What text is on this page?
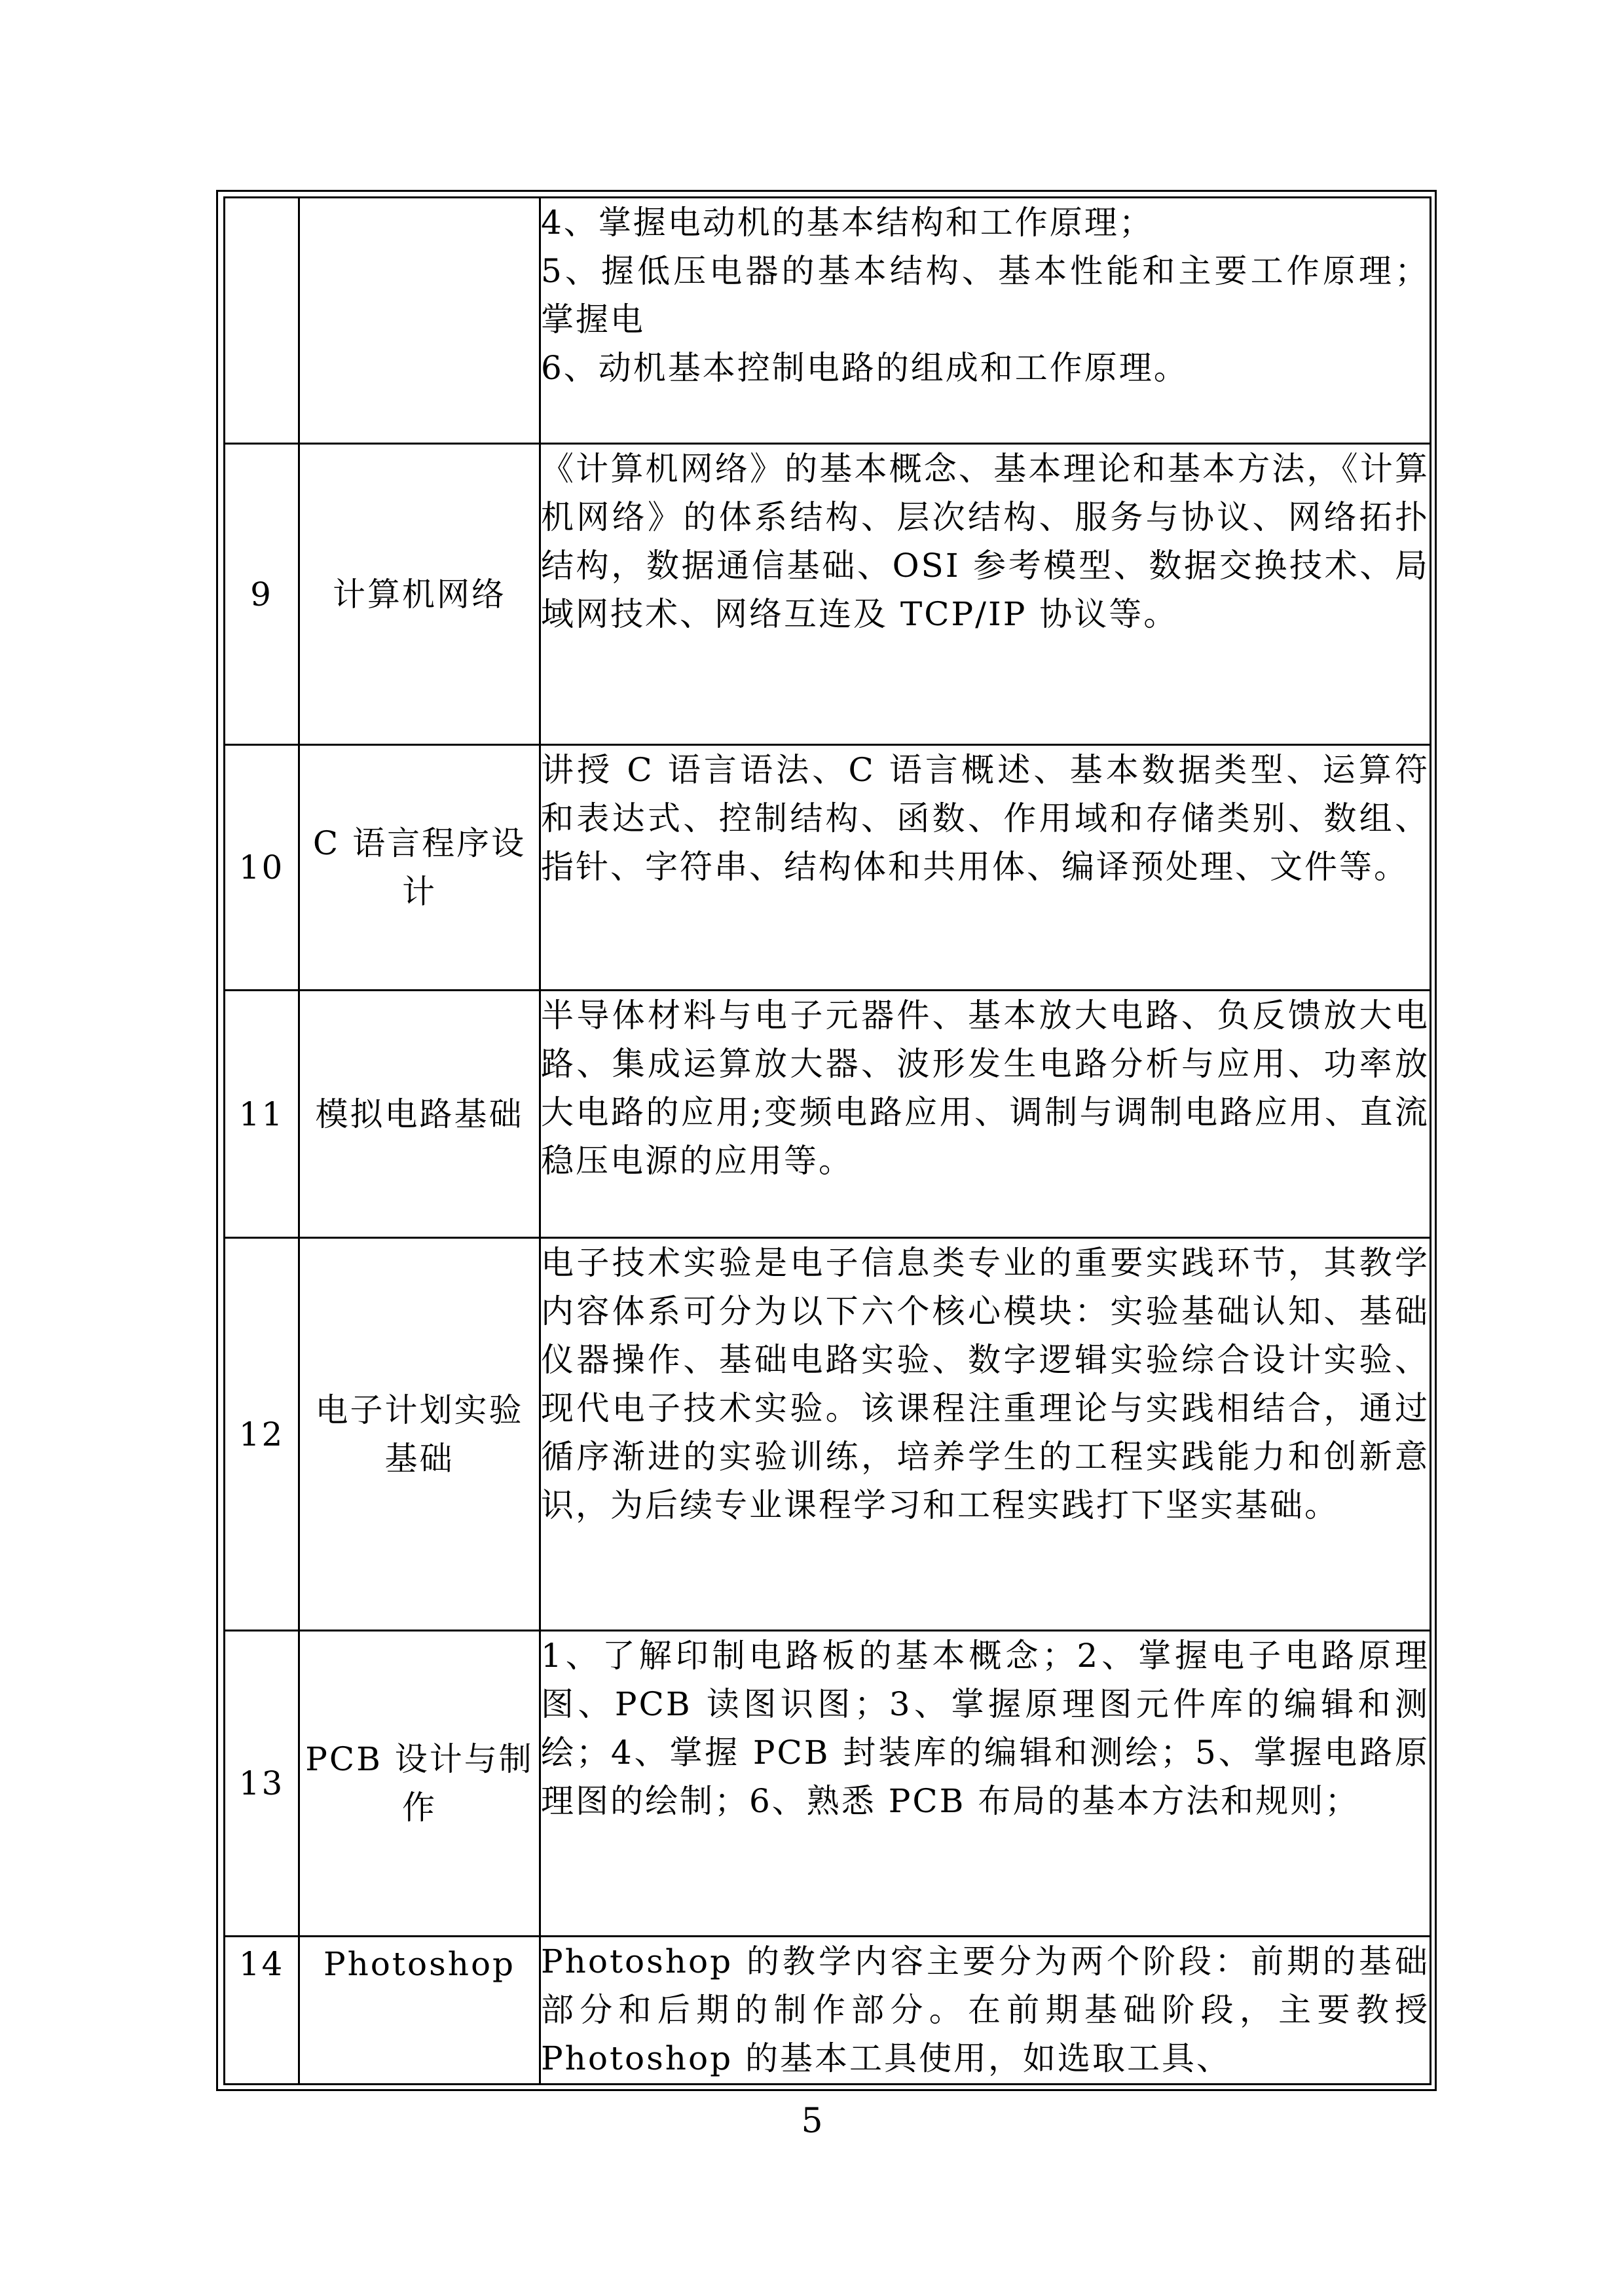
		4、掌握电动机的基本结构和工作原理；
5、握低压电器的基本结构、基本性能和主要工作原理；掌握电
6、动机基本控制电路的组成和工作原理。

9	计算机网络	《计算机网络》的基本概念、基本理论和基本方法，《计算机网络》的体系结构、层次结构、服务与协议、网络拓扑结构，数据通信基础、OSI 参考模型、数据交换技术、局域网技术、网络互连及 TCP/IP 协议等。

10	C 语言程序设计	讲授 C 语言语法、C 语言概述、基本数据类型、运算符和表达式、控制结构、函数、作用域和存储类别、数组、指针、字符串、结构体和共用体、编译预处理、文件等。

11	模拟电路基础	半导体材料与电子元器件、基本放大电路、负反馈放大电路、集成运算放大器、波形发生电路分析与应用、功率放大电路的应用;变频电路应用、调制与调制电路应用、直流稳压电源的应用等。

12	电子计划实验基础	电子技术实验是电子信息类专业的重要实践环节，其教学内容体系可分为以下六个核心模块：实验基础认知、基础仪器操作、基础电路实验、数字逻辑实验综合设计实验、现代电子技术实验。该课程注重理论与实践相结合，通过循序渐进的实验训练，培养学生的工程实践能力和创新意识，为后续专业课程学习和工程实践打下坚实基础。

13	PCB 设计与制作	1、了解印制电路板的基本概念；2、掌握电子电路原理图、PCB 读图识图；3、掌握原理图元件库的编辑和测绘；4、掌握 PCB 封装库的编辑和测绘；5、掌握电路原理图的绘制；6、熟悉 PCB 布局的基本方法和规则；

14	Photoshop	Photoshop 的教学内容主要分为两个阶段：前期的基础部分和后期的制作部分。在前期基础阶段，主要教授 Photoshop 的基本工具使用，如选取工具、
5
